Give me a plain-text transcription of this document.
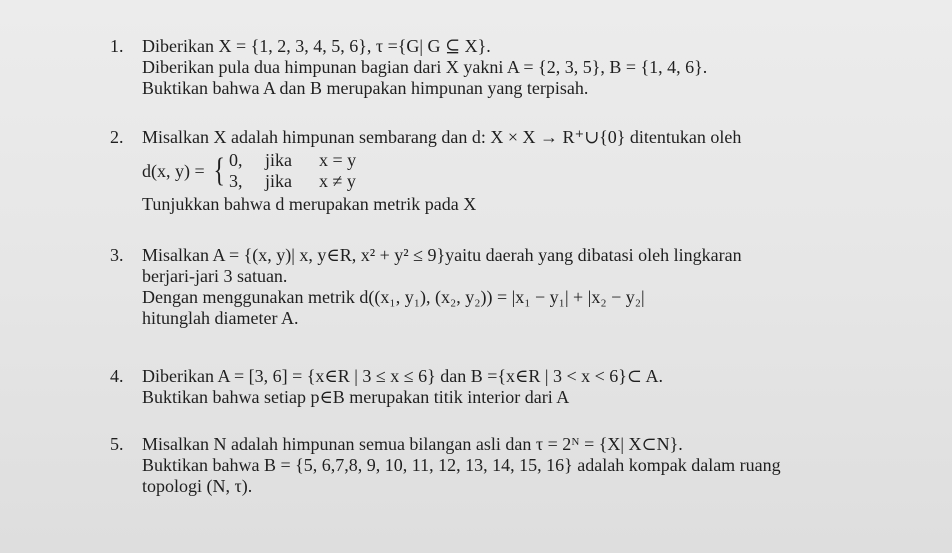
1. Diberikan X = {1, 2, 3, 4, 5, 6}, τ ={G| G ⊆ X}.
Diberikan pula dua himpunan bagian dari X yakni A = {2, 3, 5}, B = {1, 4, 6}.
Buktikan bahwa A dan B merupakan himpunan yang terpisah.
2. Misalkan X adalah himpunan sembarang dan d: X × X → R⁺∪{0} ditentukan oleh
d(x, y) = { 0, jika x = y
3, jika x ≠ y
Tunjukkan bahwa d merupakan metrik pada X
3. Misalkan A = {(x, y)| x, y∈R, x² + y² ≤ 9}yaitu daerah yang dibatasi oleh lingkaran
berjari-jari 3 satuan.
Dengan menggunakan metrik d((x₁, y₁), (x₂, y₂)) = |x₁ − y₁| + |x₂ − y₂|
hitunglah diameter A.
4. Diberikan A = [3, 6] = {x∈R | 3 ≤ x ≤ 6} dan B ={x∈R | 3 < x < 6}⊂ A.
Buktikan bahwa setiap p∈B merupakan titik interior dari A
5. Misalkan N adalah himpunan semua bilangan asli dan τ = 2ᴺ = {X| X⊂N}.
Buktikan bahwa B = {5, 6,7,8, 9, 10, 11, 12, 13, 14, 15, 16} adalah kompak dalam ruang
topologi (N, τ).
